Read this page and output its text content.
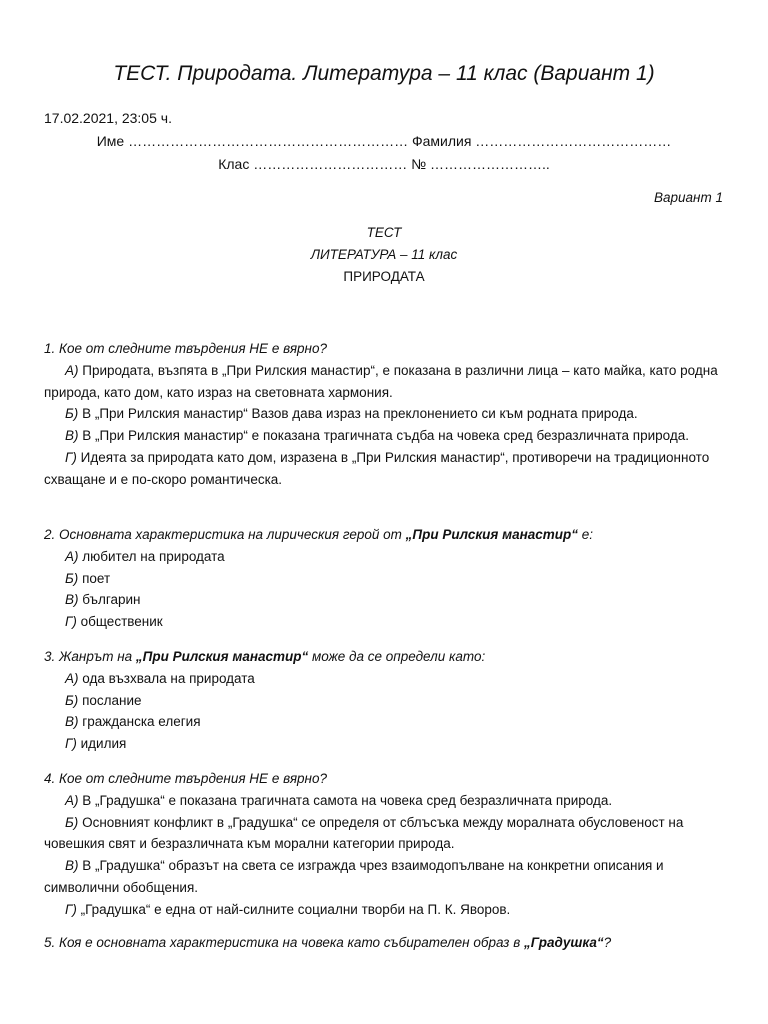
ТЕСТ. Природата. Литература – 11 клас (Вариант 1)
17.02.2021, 23:05 ч.
Име …………………………………………………… Фамилия ……………………………………
Клас …………………………… № ……………………..
Вариант 1
ТЕСТ
ЛИТЕРАТУРА – 11 клас
ПРИРОДАТА
1. Кое от следните твърдения НЕ е вярно?
А) Природата, възпята в „При Рилския манастир“, е показана в различни лица – като майка, като родна природа, като дом, като израз на световната хармония.
Б) В „При Рилския манастир“ Вазов дава израз на преклонението си към родната природа.
В) В „При Рилския манастир“ е показана трагичната съдба на човека сред безразличната природа.
Г) Идеята за природата като дом, изразена в „При Рилския манастир“, противоречи на традиционното схващане и е по-скоро романтическа.
2. Основната характеристика на лирическия герой от „При Рилския манастир“ е:
А) любител на природата
Б) поет
В) българин
Г) общественик
3. Жанрът на „При Рилския манастир“ може да се определи като:
А) ода възхвала на природата
Б) послание
В) гражданска елегия
Г) идилия
4. Кое от следните твърдения НЕ е вярно?
А) В „Градушка“ е показана трагичната самота на човека сред безразличната природа.
Б) Основният конфликт в „Градушка“ се определя от сблъсъка между моралната обусловеност на човешкия свят и безразличната към морални категории природа.
В) В „Градушка“ образът на света се изгражда чрез взаимодопълване на конкретни описания и символични обобщения.
Г) „Градушка“ е една от най-силните социални творби на П. К. Яворов.
5. Коя е основната характеристика на човека като събирателен образ в „Градушка“?
